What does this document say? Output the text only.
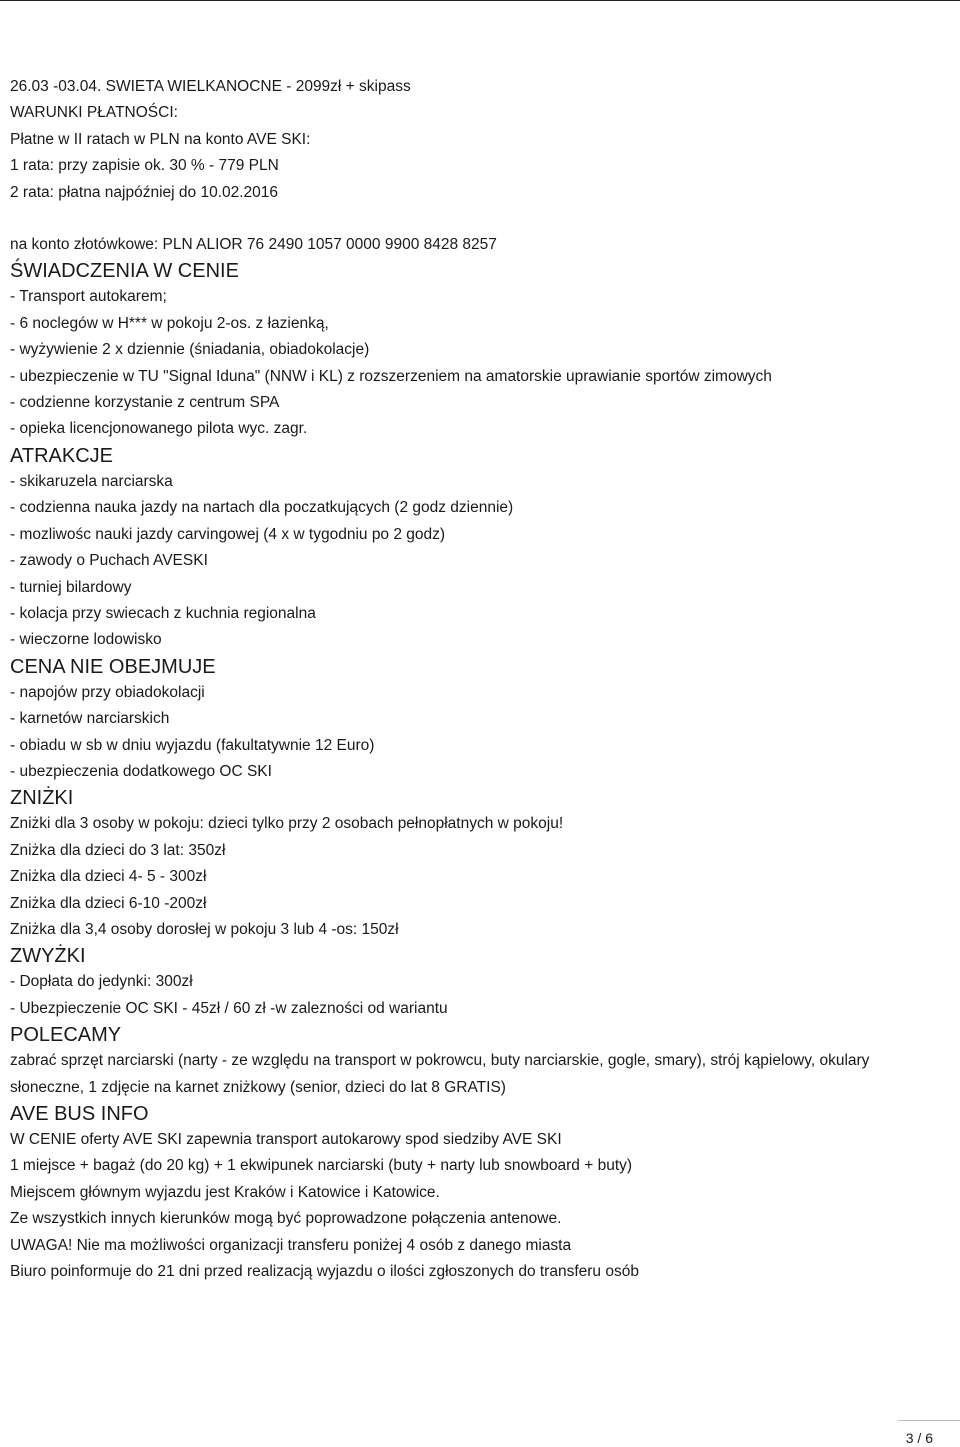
26.03 -03.04. SWIETA WIELKANOCNE - 2099zł + skipass
WARUNKI PŁATNOŚCI:
Płatne w II ratach w PLN na konto AVE SKI:
1 rata: przy zapisie ok. 30 % - 779 PLN
2 rata: płatna najpóźniej do 10.02.2016
na konto złotówkowe: PLN ALIOR 76 2490 1057 0000 9900 8428 8257
ŚWIADCZENIA W CENIE
- Transport autokarem;
- 6 noclegów w H*** w pokoju 2-os. z łazienką,
- wyżywienie 2 x dziennie (śniadania, obiadokolacje)
- ubezpieczenie w TU "Signal Iduna" (NNW i KL) z rozszerzeniem na amatorskie uprawianie sportów zimowych
- codzienne korzystanie z centrum SPA
- opieka licencjonowanego pilota wyc. zagr.
ATRAKCJE
- skikaruzela narciarska
- codzienna nauka jazdy na nartach dla poczatkujących (2 godz dziennie)
- mozliwośc nauki jazdy carvingowej (4 x w tygodniu po 2 godz)
- zawody o Puchach AVESKI
- turniej bilardowy
- kolacja przy swiecach z kuchnia regionalna
- wieczorne lodowisko
CENA NIE OBEJMUJE
- napojów przy obiadokolacji
- karnetów narciarskich
- obiadu w sb w dniu wyjazdu (fakultatywnie 12 Euro)
- ubezpieczenia dodatkowego OC SKI
ZNIŻKI
Zniżki dla 3 osoby w pokoju: dzieci tylko przy 2 osobach pełnopłatnych w pokoju!
Zniżka dla dzieci do 3 lat: 350zł
Zniżka dla dzieci 4- 5 - 300zł
Zniżka dla dzieci 6-10 -200zł
Zniżka dla 3,4 osoby dorosłej w pokoju 3 lub 4 -os: 150zł
ZWYŻKI
- Dopłata do jedynki: 300zł
- Ubezpieczenie OC SKI - 45zł / 60 zł -w zalezności od wariantu
POLECAMY
zabrać sprzęt narciarski (narty - ze względu na transport w pokrowcu, buty narciarskie, gogle, smary), strój kąpielowy, okulary słoneczne, 1 zdjęcie na karnet zniżkowy (senior, dzieci do lat 8 GRATIS)
AVE BUS INFO
W CENIE oferty AVE SKI zapewnia transport autokarowy spod siedziby AVE SKI
1 miejsce + bagaż (do 20 kg) + 1 ekwipunek narciarski (buty + narty lub snowboard + buty)
Miejscem głównym wyjazdu jest Kraków i Katowice i Katowice.
Ze wszystkich innych kierunków mogą być poprowadzone połączenia antenowe.
UWAGA! Nie ma możliwości organizacji transferu poniżej 4 osób z danego miasta
Biuro poinformuje do 21 dni przed realizacją wyjazdu o ilości zgłoszonych do transferu osób
3 / 6
